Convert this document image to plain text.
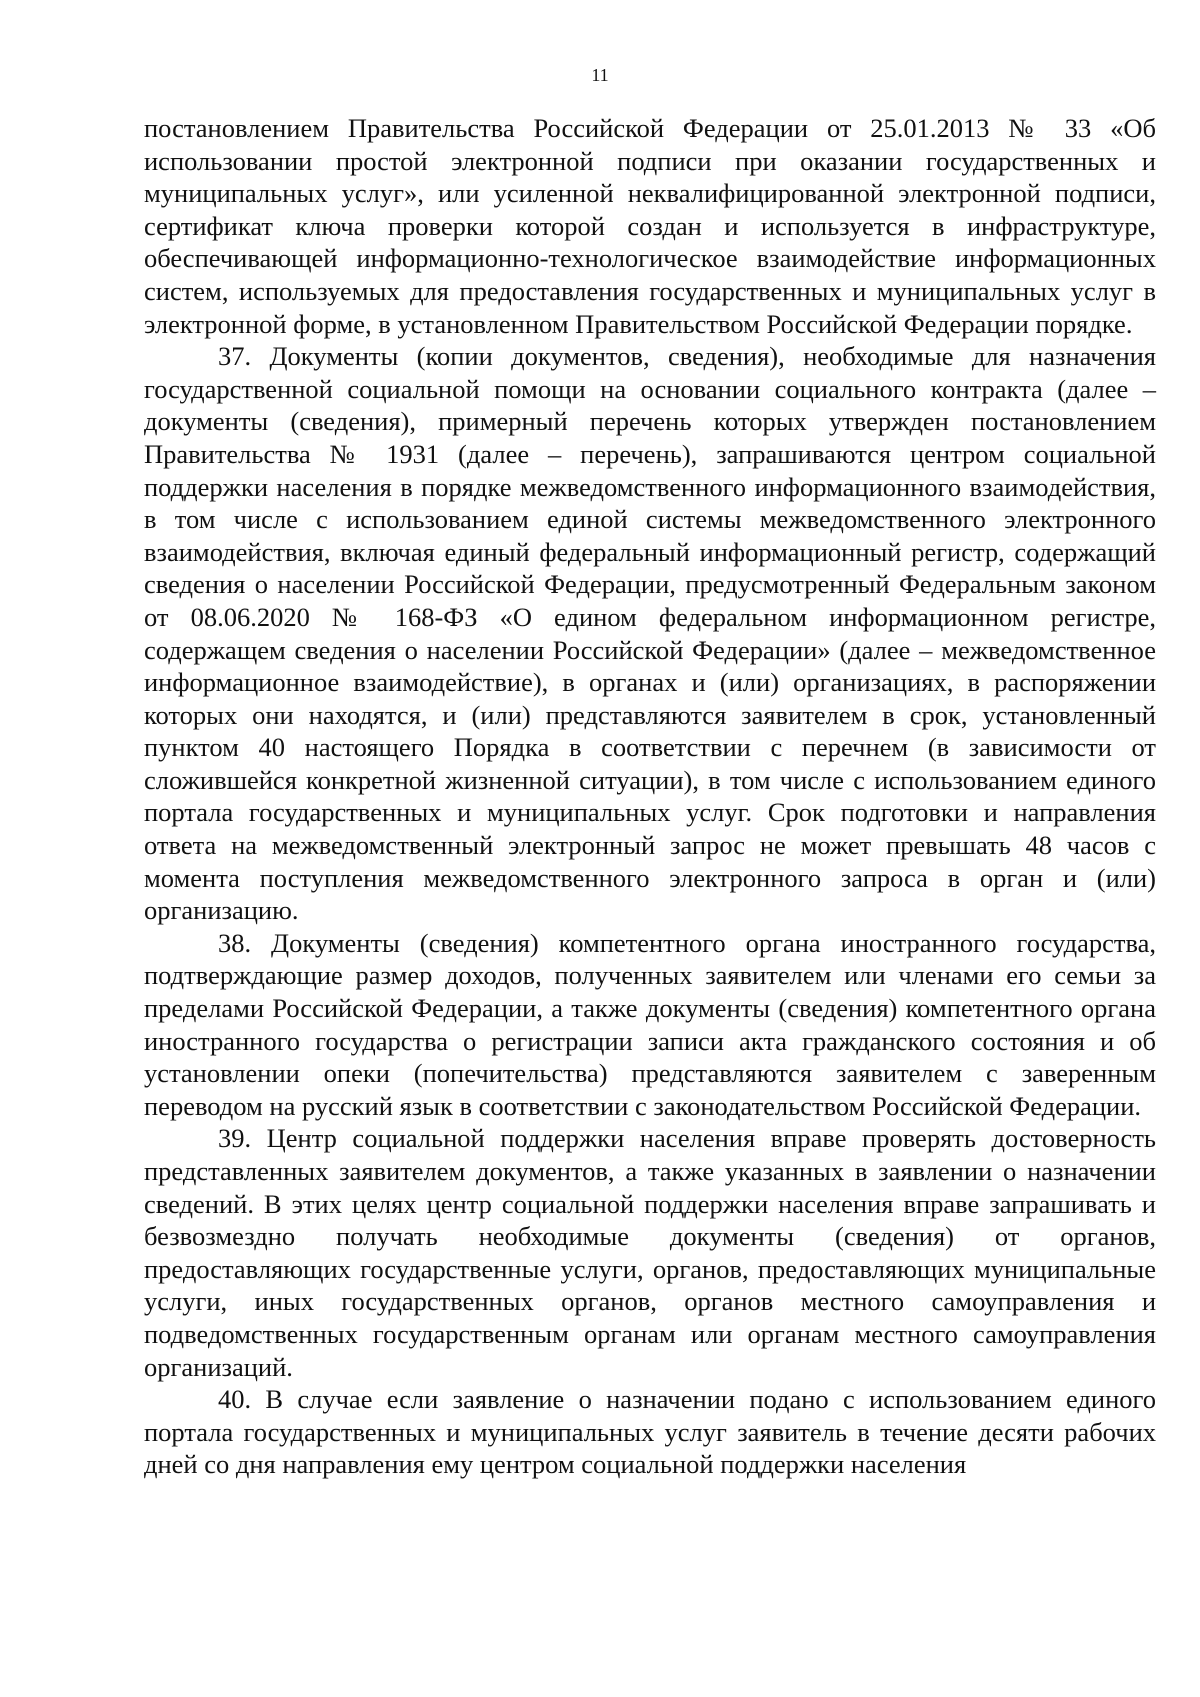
11

постановлением Правительства Российской Федерации от 25.01.2013 № 33 «Об использовании простой электронной подписи при оказании государственных и муниципальных услуг», или усиленной неквалифицированной электронной подписи, сертификат ключа проверки которой создан и используется в инфраструктуре, обеспечивающей информационно-технологическое взаимодействие информационных систем, используемых для предоставления государственных и муниципальных услуг в электронной форме, в установленном Правительством Российской Федерации порядке.

37. Документы (копии документов, сведения), необходимые для назначения государственной социальной помощи на основании социального контракта (далее – документы (сведения), примерный перечень которых утвержден постановлением Правительства № 1931 (далее – перечень), запрашиваются центром социальной поддержки населения в порядке межведомственного информационного взаимодействия, в том числе с использованием единой системы межведомственного электронного взаимодействия, включая единый федеральный информационный регистр, содержащий сведения о населении Российской Федерации, предусмотренный Федеральным законом от 08.06.2020 № 168-ФЗ «О едином федеральном информационном регистре, содержащем сведения о населении Российской Федерации» (далее – межведомственное информационное взаимодействие), в органах и (или) организациях, в распоряжении которых они находятся, и (или) представляются заявителем в срок, установленный пунктом 40 настоящего Порядка в соответствии с перечнем (в зависимости от сложившейся конкретной жизненной ситуации), в том числе с использованием единого портала государственных и муниципальных услуг. Срок подготовки и направления ответа на межведомственный электронный запрос не может превышать 48 часов с момента поступления межведомственного электронного запроса в орган и (или) организацию.

38. Документы (сведения) компетентного органа иностранного государства, подтверждающие размер доходов, полученных заявителем или членами его семьи за пределами Российской Федерации, а также документы (сведения) компетентного органа иностранного государства о регистрации записи акта гражданского состояния и об установлении опеки (попечительства) представляются заявителем с заверенным переводом на русский язык в соответствии с законодательством Российской Федерации.

39. Центр социальной поддержки населения вправе проверять достоверность представленных заявителем документов, а также указанных в заявлении о назначении сведений. В этих целях центр социальной поддержки населения вправе запрашивать и безвозмездно получать необходимые документы (сведения) от органов, предоставляющих государственные услуги, органов, предоставляющих муниципальные услуги, иных государственных органов, органов местного самоуправления и подведомственных государственным органам или органам местного самоуправления организаций.

40. В случае если заявление о назначении подано с использованием единого портала государственных и муниципальных услуг заявитель в течение десяти рабочих дней со дня направления ему центром социальной поддержки населения
